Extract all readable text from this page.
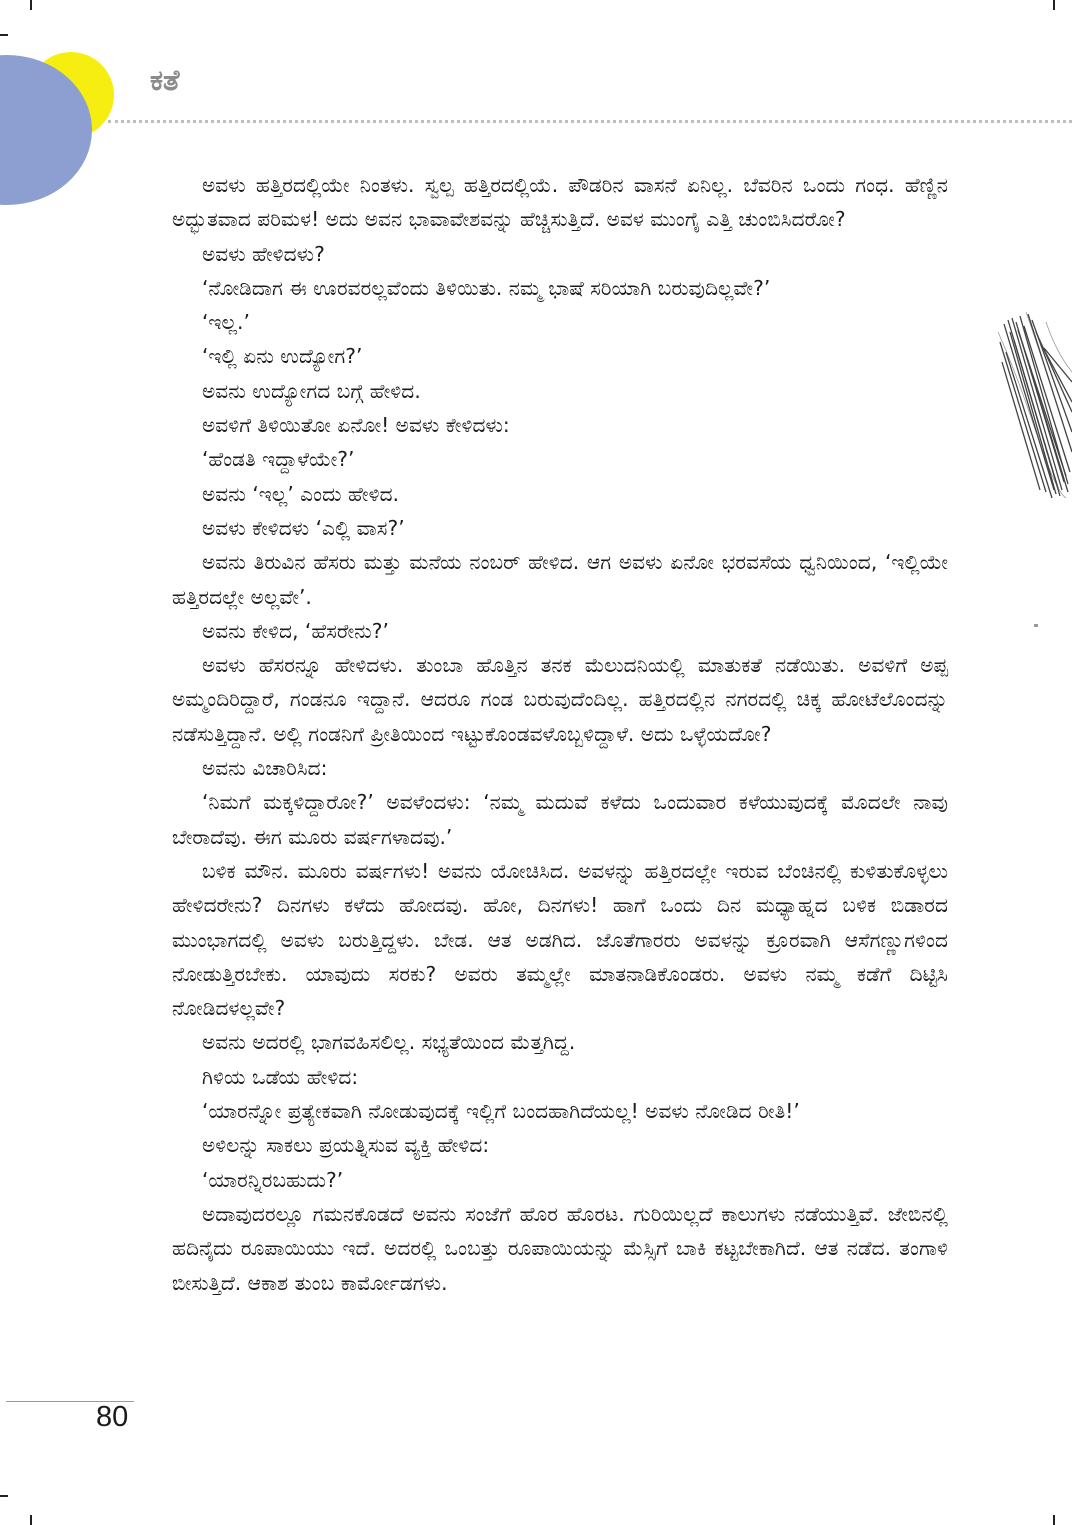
ಕತೆ

ಅವಳು ಹತ್ತಿರದಲ್ಲಿಯೇ ನಿಂತಳು. ಸ್ವಲ್ಪ ಹತ್ತಿರದಲ್ಲಿಯೆ. ಪೌಡರಿನ ವಾಸನೆ ಏನಿಲ್ಲ. ಬೆವರಿನ ಒಂದು ಗಂಧ. ಹೆಣ್ಣಿನ ಅದ್ಭುತವಾದ ಪರಿಮಳ! ಅದು ಅವನ ಭಾವಾವೇಶವನ್ನು ಹೆಚ್ಚಿಸುತ್ತಿದೆ. ಅವಳ ಮುಂಗೈ ಎತ್ತಿ ಚುಂಬಿಸಿದರೋ?

ಅವಳು ಹೇಳಿದಳು?

‘ನೋಡಿದಾಗ ಈ ಊರವರಲ್ಲವೆಂದು ತಿಳಿಯಿತು. ನಮ್ಮ ಭಾಷೆ ಸರಿಯಾಗಿ ಬರುವುದಿಲ್ಲವೇ?’

‘ಇಲ್ಲ.’

‘ಇಲ್ಲಿ ಏನು ಉದ್ಯೋಗ?’

ಅವನು ಉದ್ಯೋಗದ ಬಗ್ಗೆ ಹೇಳಿದ.

ಅವಳಿಗೆ ತಿಳಿಯಿತೋ ಏನೋ! ಅವಳು ಕೇಳಿದಳು:

‘ಹೆಂಡತಿ ಇದ್ದಾಳೆಯೇ?’

ಅವನು ‘ಇಲ್ಲ’ ಎಂದು ಹೇಳಿದ.

ಅವಳು ಕೇಳಿದಳು ‘ಎಲ್ಲಿ ವಾಸ?’

ಅವನು ತಿರುವಿನ ಹೆಸರು ಮತ್ತು ಮನೆಯ ನಂಬರ್ ಹೇಳಿದ. ಆಗ ಅವಳು ಏನೋ ಭರವಸೆಯ ಧ್ವನಿಯಿಂದ, ‘ಇಲ್ಲಿಯೇ ಹತ್ತಿರದಲ್ಲೇ ಅಲ್ಲವೇ’.

ಅವನು ಕೇಳಿದ, ‘ಹೆಸರೇನು?’

ಅವಳು ಹೆಸರನ್ನೂ ಹೇಳಿದಳು. ತುಂಬಾ ಹೊತ್ತಿನ ತನಕ ಮೆಲುದನಿಯಲ್ಲಿ ಮಾತುಕತೆ ನಡೆಯಿತು. ಅವಳಿಗೆ ಅಪ್ಪ ಅಮ್ಮಂದಿರಿದ್ದಾರೆ, ಗಂಡನೂ ಇದ್ದಾನೆ. ಆದರೂ ಗಂಡ ಬರುವುದೆಂದಿಲ್ಲ. ಹತ್ತಿರದಲ್ಲಿನ ನಗರದಲ್ಲಿ ಚಿಕ್ಕ ಹೋಟೆಲೊಂದನ್ನು ನಡೆಸುತ್ತಿದ್ದಾನೆ. ಅಲ್ಲಿ ಗಂಡನಿಗೆ ಪ್ರೀತಿಯಿಂದ ಇಟ್ಟುಕೊಂಡವಳೊಬ್ಬಳಿದ್ದಾಳೆ. ಅದು ಒಳ್ಳೆಯದೋ?

ಅವನು ವಿಚಾರಿಸಿದ:

‘ನಿಮಗೆ ಮಕ್ಕಳಿದ್ದಾರೋ?’ ಅವಳೆಂದಳು: ‘ನಮ್ಮ ಮದುವೆ ಕಳೆದು ಒಂದುವಾರ ಕಳೆಯುವುದಕ್ಕೆ ಮೊದಲೇ ನಾವು ಬೇರಾದೆವು. ಈಗ ಮೂರು ವರ್ಷಗಳಾದವು.’

ಬಳಿಕ ಮೌನ. ಮೂರು ವರ್ಷಗಳು! ಅವನು ಯೋಚಿಸಿದ. ಅವಳನ್ನು ಹತ್ತಿರದಲ್ಲೇ ಇರುವ ಬೆಂಚಿನಲ್ಲಿ ಕುಳಿತುಕೊಳ್ಳಲು ಹೇಳಿದರೇನು? ದಿನಗಳು ಕಳೆದು ಹೋದವು. ಹೋ, ದಿನಗಳು! ಹಾಗೆ ಒಂದು ದಿನ ಮಧ್ಯಾಹ್ನದ ಬಳಿಕ ಬಿಡಾರದ ಮುಂಭಾಗದಲ್ಲಿ ಅವಳು ಬರುತ್ತಿದ್ದಳು. ಬೇಡ. ಆತ ಅಡಗಿದ. ಜೊತೆಗಾರರು ಅವಳನ್ನು ಕ್ರೂರವಾಗಿ ಆಸೆಗಣ್ಣುಗಳಿಂದ ನೋಡುತ್ತಿರಬೇಕು. ಯಾವುದು ಸರಕು? ಅವರು ತಮ್ಮಲ್ಲೇ ಮಾತನಾಡಿಕೊಂಡರು. ಅವಳು ನಮ್ಮ ಕಡೆಗೆ ದಿಟ್ಟಿಸಿ ನೋಡಿದಳಲ್ಲವೇ?

ಅವನು ಅದರಲ್ಲಿ ಭಾಗವಹಿಸಲಿಲ್ಲ. ಸಭ್ಯತೆಯಿಂದ ಮೆತ್ತಗಿದ್ದ.

ಗಿಳಿಯ ಒಡೆಯ ಹೇಳಿದ:

‘ಯಾರನ್ನೋ ಪ್ರತ್ಯೇಕವಾಗಿ ನೋಡುವುದಕ್ಕೆ ಇಲ್ಲಿಗೆ ಬಂದಹಾಗಿದೆಯಲ್ಲ! ಅವಳು ನೋಡಿದ ರೀತಿ!’

ಅಳಿಲನ್ನು ಸಾಕಲು ಪ್ರಯತ್ನಿಸುವ ವ್ಯಕ್ತಿ ಹೇಳಿದ:

‘ಯಾರನ್ನಿರಬಹುದು?’

ಅದಾವುದರಲ್ಲೂ ಗಮನಕೊಡದೆ ಅವನು ಸಂಜೆಗೆ ಹೊರ ಹೊರಟ. ಗುರಿಯಿಲ್ಲದೆ ಕಾಲುಗಳು ನಡೆಯುತ್ತಿವೆ. ಜೇಬಿನಲ್ಲಿ ಹದಿನೈದು ರೂಪಾಯಿಯು ಇದೆ. ಅದರಲ್ಲಿ ಒಂಬತ್ತು ರೂಪಾಯಿಯನ್ನು ಮೆಸ್ಸಿಗೆ ಬಾಕಿ ಕಟ್ಟಬೇಕಾಗಿದೆ. ಆತ ನಡೆದ. ತಂಗಾಳಿ ಬೀಸುತ್ತಿದೆ. ಆಕಾಶ ತುಂಬ ಕಾರ್ಮೋಡಗಳು.

80
